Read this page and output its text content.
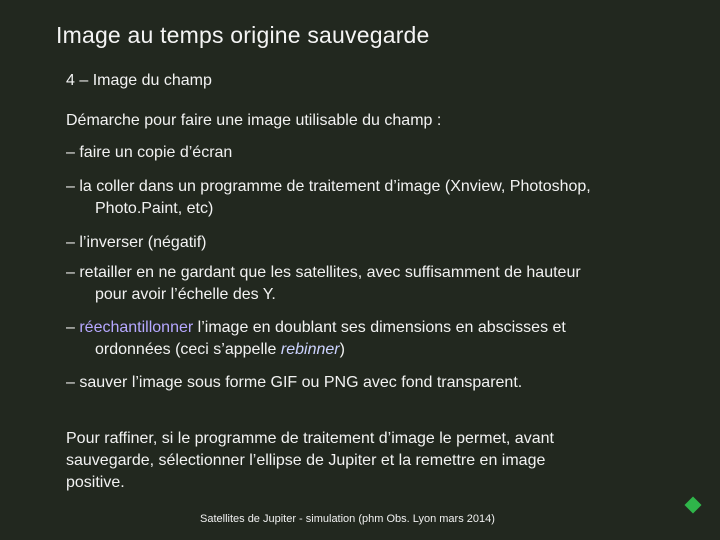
Image au temps origine sauvegarde
4 – Image du champ
Démarche pour faire une image utilisable du champ :
– faire un copie d’écran
– la coller dans un programme de traitement d’image (Xnview, Photoshop,
Photo.Paint, etc)
– l’inverser (négatif)
– retailler en ne gardant que les satellites, avec suffisamment de hauteur
pour avoir l’échelle des Y.
– réechantillonner l’image en doublant ses dimensions en abscisses et
ordonnées (ceci s’appelle rebinner)
– sauver l’image sous forme GIF ou PNG avec fond transparent.
Pour raffiner, si le programme de traitement d’image le permet, avant
sauvegarde, sélectionner l’ellipse de Jupiter et la remettre en image
positive.
Satellites de Jupiter - simulation (phm Obs. Lyon mars 2014)
